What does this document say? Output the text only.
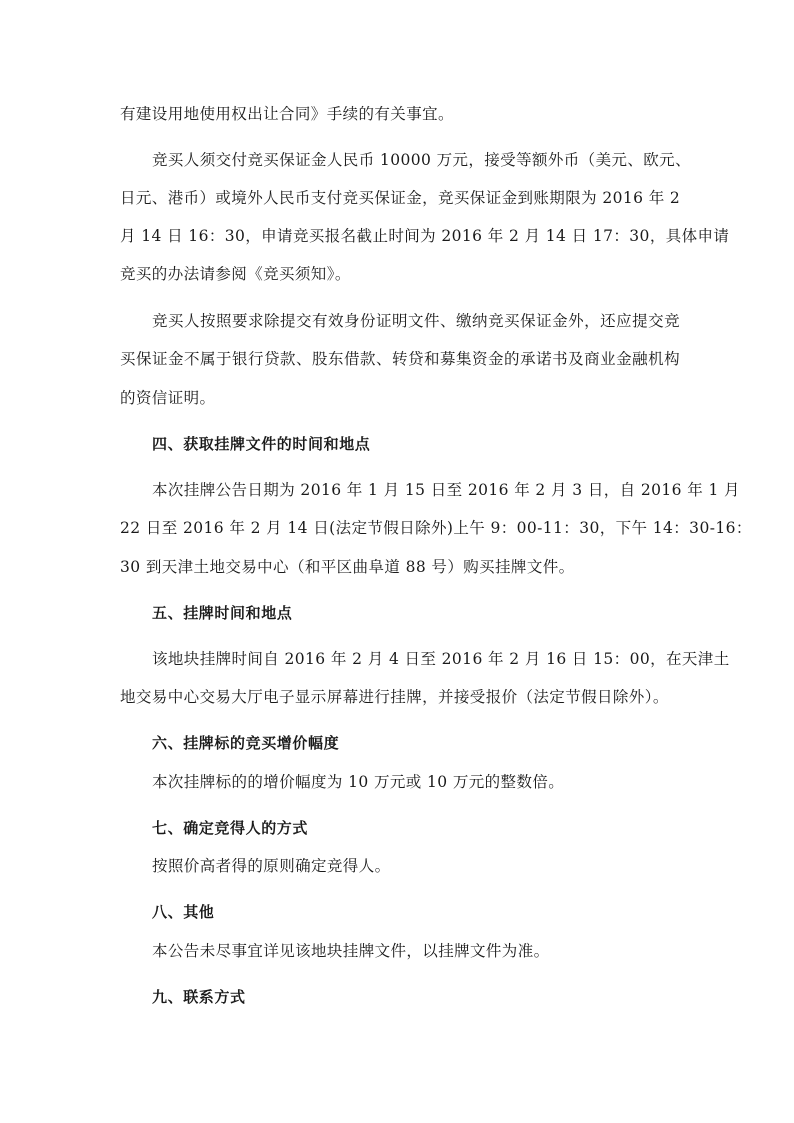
有建设用地使用权出让合同》手续的有关事宜。
竞买人须交付竞买保证金人民币 10000 万元，接受等额外币（美元、欧元、
日元、港币）或境外人民币支付竞买保证金，竞买保证金到账期限为 2016 年 2
月 14 日 16：30，申请竞买报名截止时间为 2016 年 2 月 14 日 17：30，具体申请
竞买的办法请参阅《竞买须知》。
竞买人按照要求除提交有效身份证明文件、缴纳竞买保证金外，还应提交竞
买保证金不属于银行贷款、股东借款、转贷和募集资金的承诺书及商业金融机构
的资信证明。
四、获取挂牌文件的时间和地点
本次挂牌公告日期为 2016 年 1 月 15 日至 2016 年 2 月 3 日，自 2016 年 1 月
22 日至 2016 年 2 月 14 日(法定节假日除外)上午 9：00-11：30，下午 14：30-16：
30 到天津土地交易中心（和平区曲阜道 88 号）购买挂牌文件。
五、挂牌时间和地点
该地块挂牌时间自 2016 年 2 月 4 日至 2016 年 2 月 16 日 15：00，在天津土
地交易中心交易大厅电子显示屏幕进行挂牌，并接受报价（法定节假日除外）。
六、挂牌标的竞买增价幅度
本次挂牌标的的增价幅度为 10 万元或 10 万元的整数倍。
七、确定竞得人的方式
按照价高者得的原则确定竞得人。
八、其他
本公告未尽事宜详见该地块挂牌文件，以挂牌文件为准。
九、联系方式
